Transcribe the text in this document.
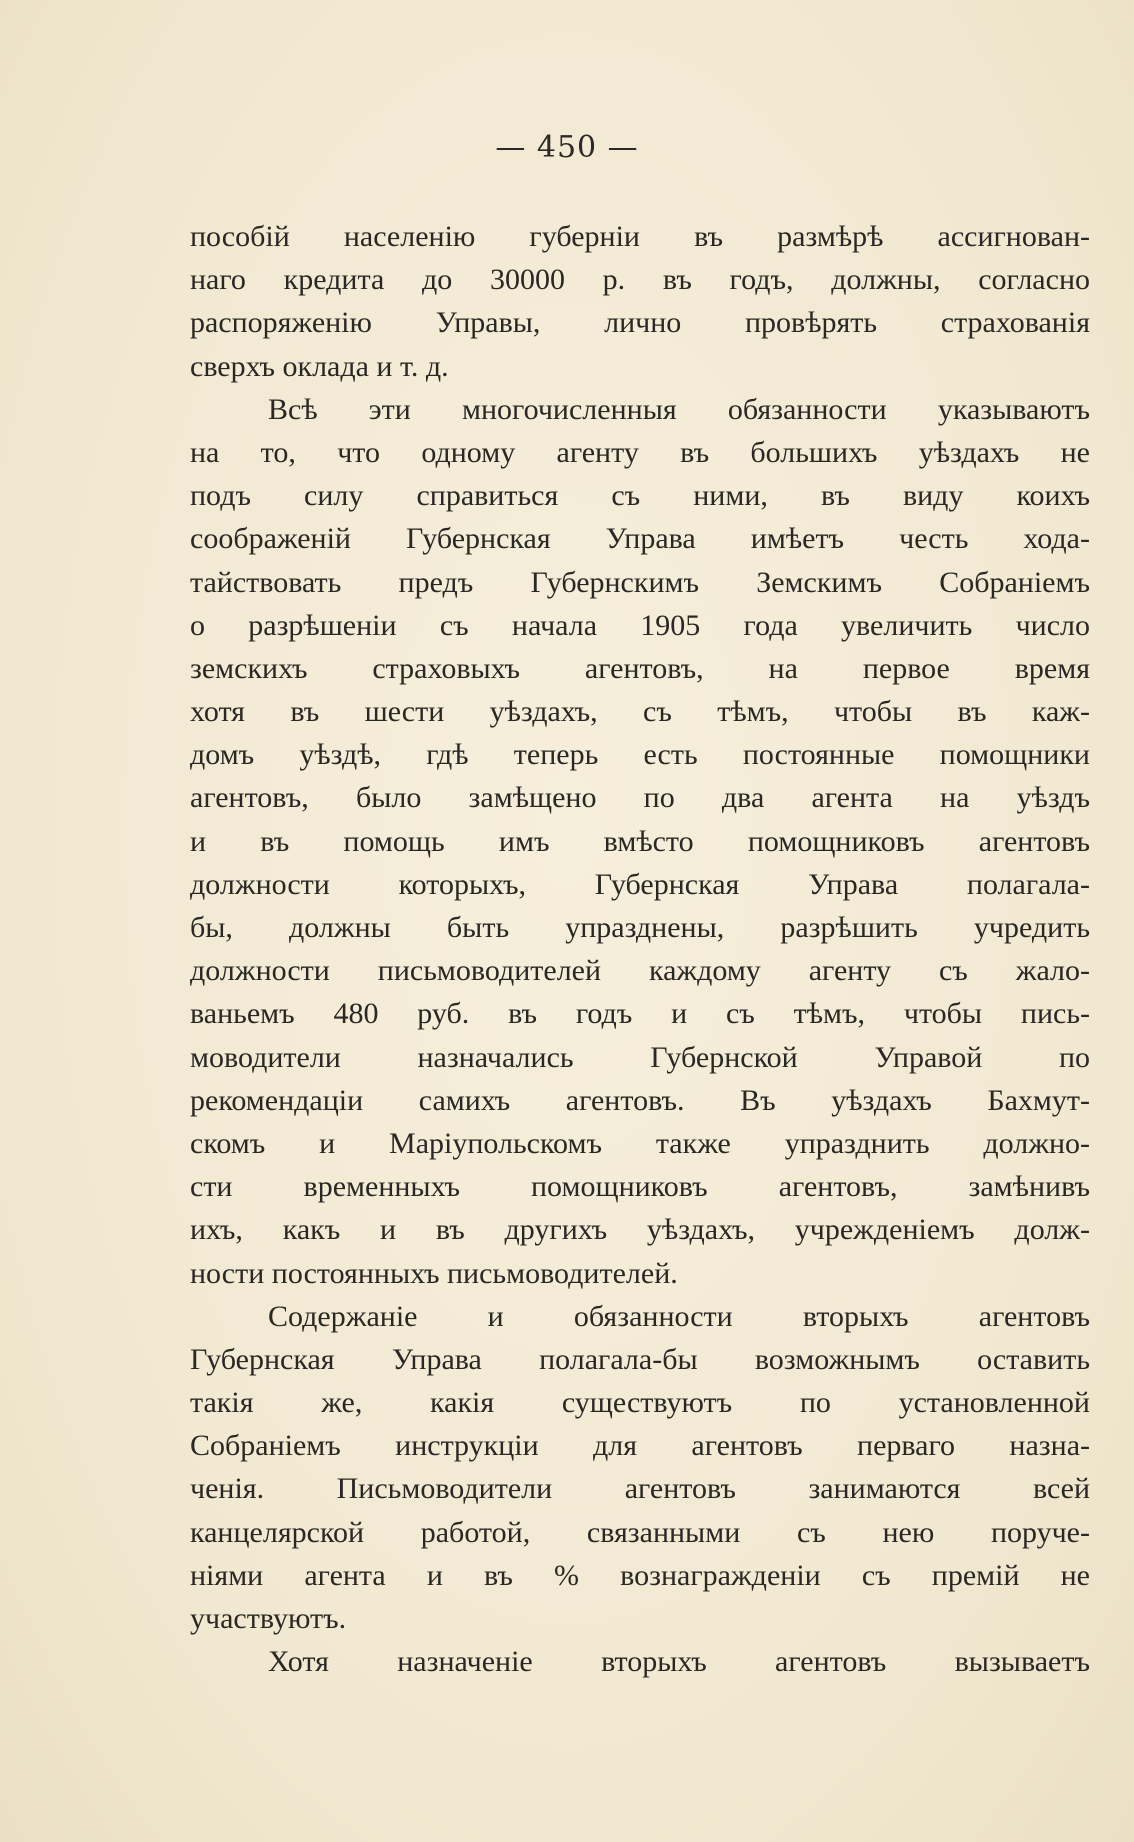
— 450 —
пособій населенію губерніи въ размѣрѣ ассигнован-
наго кредита до 30000 р. въ годъ, должны, согласно
распоряженію Управы, лично провѣрять страхованія
сверхъ оклада и т. д.
Всѣ эти многочисленныя обязанности указываютъ
на то, что одному агенту въ большихъ уѣздахъ не
подъ силу справиться съ ними, въ виду коихъ
соображеній Губернская Управа имѣетъ честь хода-
тайствовать предъ Губернскимъ Земскимъ Собраніемъ
о разрѣшеніи съ начала 1905 года увеличить число
земскихъ страховыхъ агентовъ, на первое время
хотя въ шести уѣздахъ, съ тѣмъ, чтобы въ каж-
домъ уѣздѣ, гдѣ теперь есть постоянные помощники
агентовъ, было замѣщено по два агента на уѣздъ
и въ помощь имъ вмѣсто помощниковъ агентовъ
должности которыхъ, Губернская Управа полагала-
бы, должны быть упразднены, разрѣшить учредить
должности письмоводителей каждому агенту съ жало-
ваньемъ 480 руб. въ годъ и съ тѣмъ, чтобы пись-
моводители назначались Губернской Управой по
рекомендаціи самихъ агентовъ. Въ уѣздахъ Бахмут-
скомъ и Маріупольскомъ также упразднить должно-
сти временныхъ помощниковъ агентовъ, замѣнивъ
ихъ, какъ и въ другихъ уѣздахъ, учрежденіемъ долж-
ности постоянныхъ письмоводителей.
Содержаніе и обязанности вторыхъ агентовъ
Губернская Управа полагала-бы возможнымъ оставить
такія же, какія существуютъ по установленной
Собраніемъ инструкціи для агентовъ перваго назна-
ченія. Письмоводители агентовъ занимаются всей
канцелярской работой, связанными съ нею поруче-
ніями агента и въ % вознагражденіи съ премій не
участвуютъ.
Хотя назначеніе вторыхъ агентовъ вызываетъ
